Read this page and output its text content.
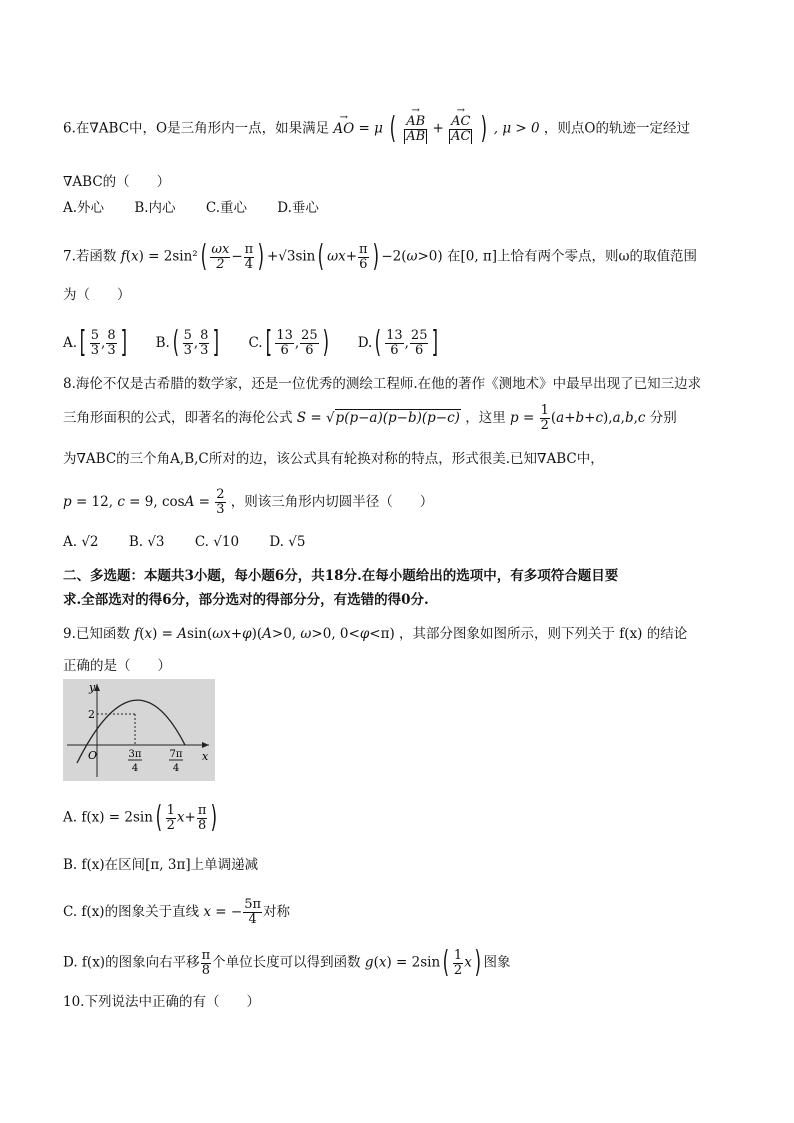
6.在∇ABC中，O是三角形内一点，如果满足 → AO = μ ( → $\frac{AB}{AB}$ + → $\frac{AC}{AC}$ ) , μ > 0 ，则点O的轨迹一定经过
∇ABC的（　　）
A.外心 B.内心 C.重心 D.垂心
7.若函数 $f(x) = 2\sin^2( \frac{\omega x}{2} - \frac{\pi}{4}$ ) +√3sin( $\omega x+ \frac{\pi}{6}$ ) −2(ω>0) 在[0, π]上恰有两个零点，则ω的取值范围
为（　　）
$A.[ \frac{5}{3}$ , $\frac{8}{3}$ ] $B.( \frac{5}{3}$ , $\frac{8}{3}$ ] $C.[ \frac{13}{6}$ , $\frac{25}{6}$ ) $D.( \frac{13}{6}$ , $\frac{25}{6}$ ]
8.海伦不仅是古希腊的数学家，还是一位优秀的测绘工程师.在他的著作《测地术》中最早出现了已知三边求
三角形面积的公式，即著名的海伦公式 S = √p(p−a)(p−b)(p−c) ，这里 $p = \frac{1}{2} (a+b+c),a,b,c$ 分别
为∇ABC的三个角A,B,C所对的边，该公式具有轮换对称的特点，形式很美.已知∇ABC中，
p = 12, c = 9, $\cos A = \frac{2}{3}$ ，则该三角形内切圆半径（　　）
A. √2 B. √3 C. √10 D. √5
二、多选题：本题共3小题，每小题6分，共18分.在每小题给出的选项中，有多项符合题目要
求.全部选对的得6分，部分选对的得部分分，有选错的得0分.
9.已知函数 f(x) = Asin(ωx+φ)(A>0, ω>0, 0<φ<π) ，其部分图象如图所示，则下列关于 f(x) 的结论
正确的是（　　）
y
x
O
2
3π
4
7π
4
A. $f(x) = 2\sin( \frac{1}{2} x+ \frac{\pi}{8}$ )
B. f(x)在区间[π, 3π]上单调递减
C. f(x)的图象关于直线 x = − $\frac{5\pi}{4}$ 对称
D. f(x)的图象向右平移 $\frac{\pi}{8}$ 个单位长度可以得到函数 $g(x) = 2\sin( \frac{1}{2} x)$ 图象
10.下列说法中正确的有（　　）
